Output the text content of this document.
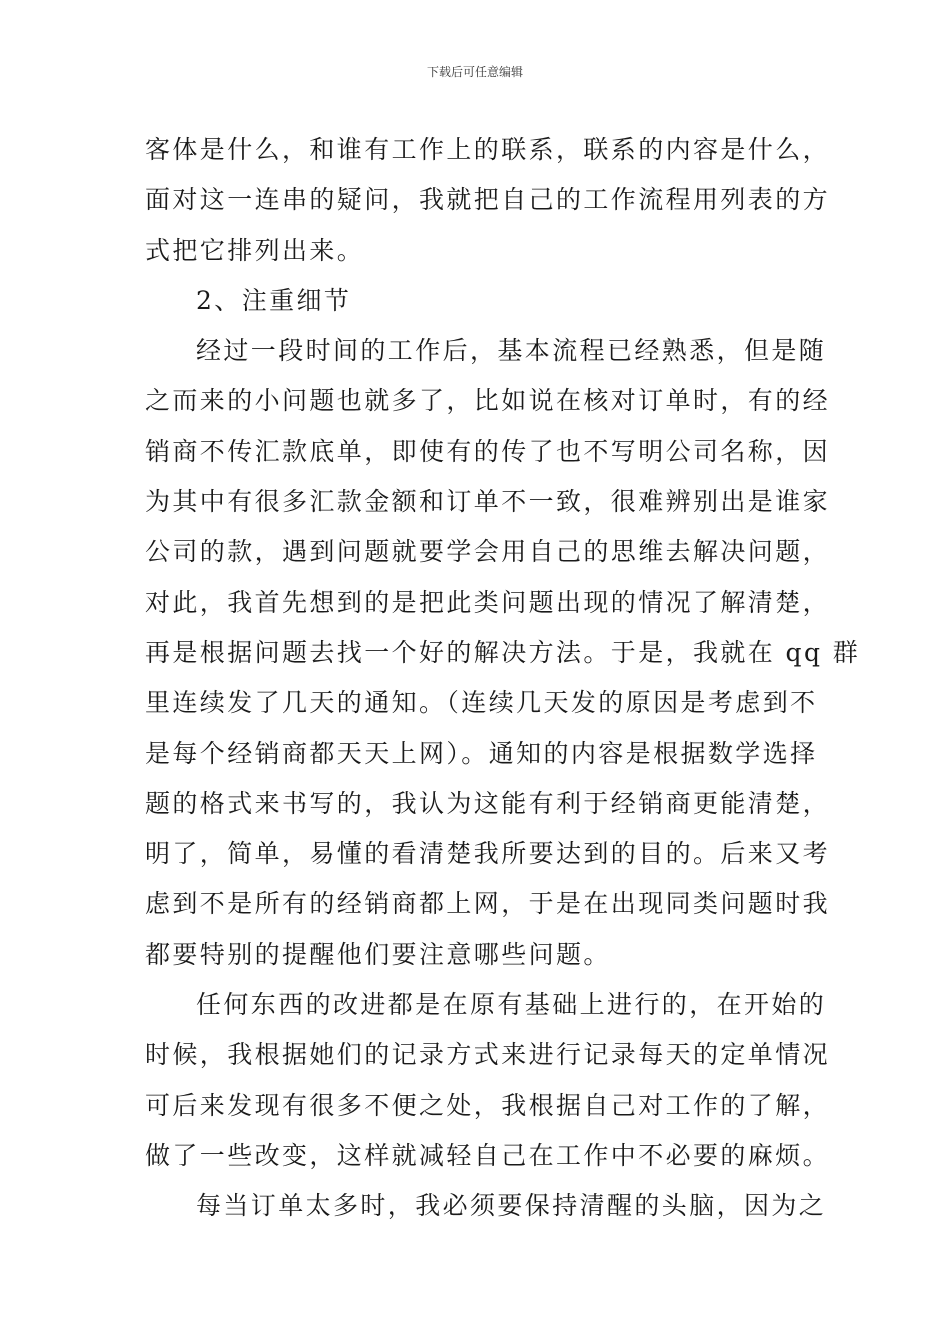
下载后可任意编辑
客体是什么，和谁有工作上的联系，联系的内容是什么，
面对这一连串的疑问，我就把自己的工作流程用列表的方
式把它排列出来。
2、注重细节
经过一段时间的工作后，基本流程已经熟悉，但是随
之而来的小问题也就多了，比如说在核对订单时，有的经
销商不传汇款底单，即使有的传了也不写明公司名称，因
为其中有很多汇款金额和订单不一致，很难辨别出是谁家
公司的款，遇到问题就要学会用自己的思维去解决问题，
对此，我首先想到的是把此类问题出现的情况了解清楚，
再是根据问题去找一个好的解决方法。于是，我就在 qq 群
里连续发了几天的通知。（连续几天发的原因是考虑到不
是每个经销商都天天上网）。通知的内容是根据数学选择
题的格式来书写的，我认为这能有利于经销商更能清楚，
明了，简单，易懂的看清楚我所要达到的目的。后来又考
虑到不是所有的经销商都上网，于是在出现同类问题时我
都要特别的提醒他们要注意哪些问题。
任何东西的改进都是在原有基础上进行的，在开始的
时候，我根据她们的记录方式来进行记录每天的定单情况
可后来发现有很多不便之处，我根据自己对工作的了解，
做了一些改变，这样就减轻自己在工作中不必要的麻烦。
每当订单太多时，我必须要保持清醒的头脑，因为之
